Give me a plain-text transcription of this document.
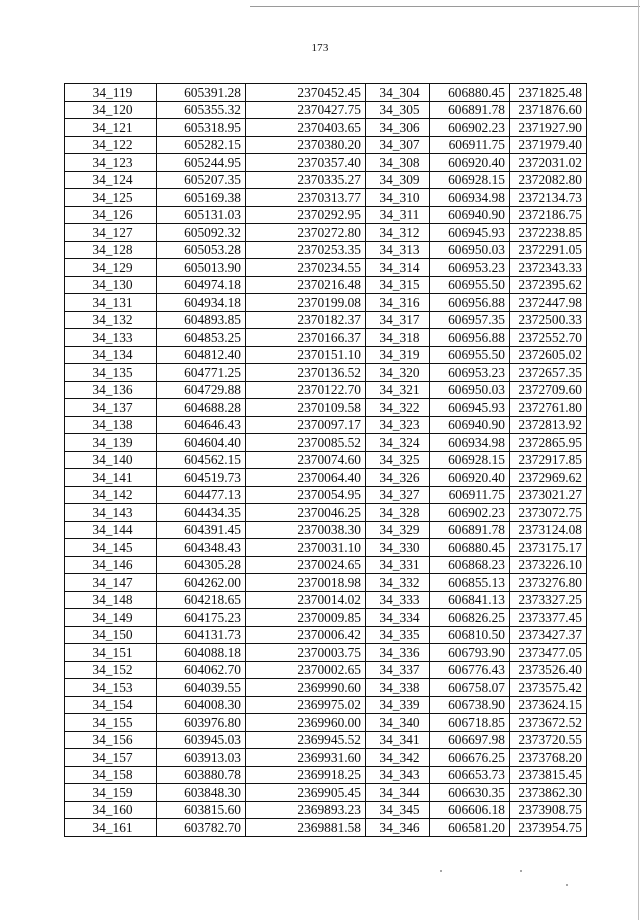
173
34_119	605391.28	2370452.45	34_304	606880.45	2371825.48
34_120	605355.32	2370427.75	34_305	606891.78	2371876.60
34_121	605318.95	2370403.65	34_306	606902.23	2371927.90
34_122	605282.15	2370380.20	34_307	606911.75	2371979.40
34_123	605244.95	2370357.40	34_308	606920.40	2372031.02
34_124	605207.35	2370335.27	34_309	606928.15	2372082.80
34_125	605169.38	2370313.77	34_310	606934.98	2372134.73
34_126	605131.03	2370292.95	34_311	606940.90	2372186.75
34_127	605092.32	2370272.80	34_312	606945.93	2372238.85
34_128	605053.28	2370253.35	34_313	606950.03	2372291.05
34_129	605013.90	2370234.55	34_314	606953.23	2372343.33
34_130	604974.18	2370216.48	34_315	606955.50	2372395.62
34_131	604934.18	2370199.08	34_316	606956.88	2372447.98
34_132	604893.85	2370182.37	34_317	606957.35	2372500.33
34_133	604853.25	2370166.37	34_318	606956.88	2372552.70
34_134	604812.40	2370151.10	34_319	606955.50	2372605.02
34_135	604771.25	2370136.52	34_320	606953.23	2372657.35
34_136	604729.88	2370122.70	34_321	606950.03	2372709.60
34_137	604688.28	2370109.58	34_322	606945.93	2372761.80
34_138	604646.43	2370097.17	34_323	606940.90	2372813.92
34_139	604604.40	2370085.52	34_324	606934.98	2372865.95
34_140	604562.15	2370074.60	34_325	606928.15	2372917.85
34_141	604519.73	2370064.40	34_326	606920.40	2372969.62
34_142	604477.13	2370054.95	34_327	606911.75	2373021.27
34_143	604434.35	2370046.25	34_328	606902.23	2373072.75
34_144	604391.45	2370038.30	34_329	606891.78	2373124.08
34_145	604348.43	2370031.10	34_330	606880.45	2373175.17
34_146	604305.28	2370024.65	34_331	606868.23	2373226.10
34_147	604262.00	2370018.98	34_332	606855.13	2373276.80
34_148	604218.65	2370014.02	34_333	606841.13	2373327.25
34_149	604175.23	2370009.85	34_334	606826.25	2373377.45
34_150	604131.73	2370006.42	34_335	606810.50	2373427.37
34_151	604088.18	2370003.75	34_336	606793.90	2373477.05
34_152	604062.70	2370002.65	34_337	606776.43	2373526.40
34_153	604039.55	2369990.60	34_338	606758.07	2373575.42
34_154	604008.30	2369975.02	34_339	606738.90	2373624.15
34_155	603976.80	2369960.00	34_340	606718.85	2373672.52
34_156	603945.03	2369945.52	34_341	606697.98	2373720.55
34_157	603913.03	2369931.60	34_342	606676.25	2373768.20
34_158	603880.78	2369918.25	34_343	606653.73	2373815.45
34_159	603848.30	2369905.45	34_344	606630.35	2373862.30
34_160	603815.60	2369893.23	34_345	606606.18	2373908.75
34_161	603782.70	2369881.58	34_346	606581.20	2373954.75
